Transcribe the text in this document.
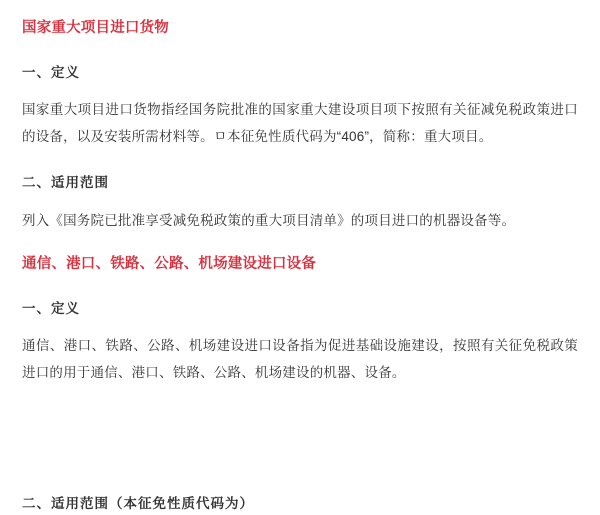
国家重大项目进口货物
一、定义

国家重大项目进口货物指经国务院批准的国家重大建设项目项下按照有关征减免税政策进口的设备，以及安装所需材料等。ㅁ本征免性质代码为“406”，简称：重大项目。

二、适用范围

列入《国务院已批准享受减免税政策的重大项目清单》的项目进口的机器设备等。

通信、港口、铁路、公路、机场建设进口设备
一、定义

通信、港口、铁路、公路、机场建设进口设备指为促进基础设施建设，按照有关征免税政策进口的用于通信、港口、铁路、公路、机场建设的机器、设备。

二、适用范围（本征免性质代码为）
